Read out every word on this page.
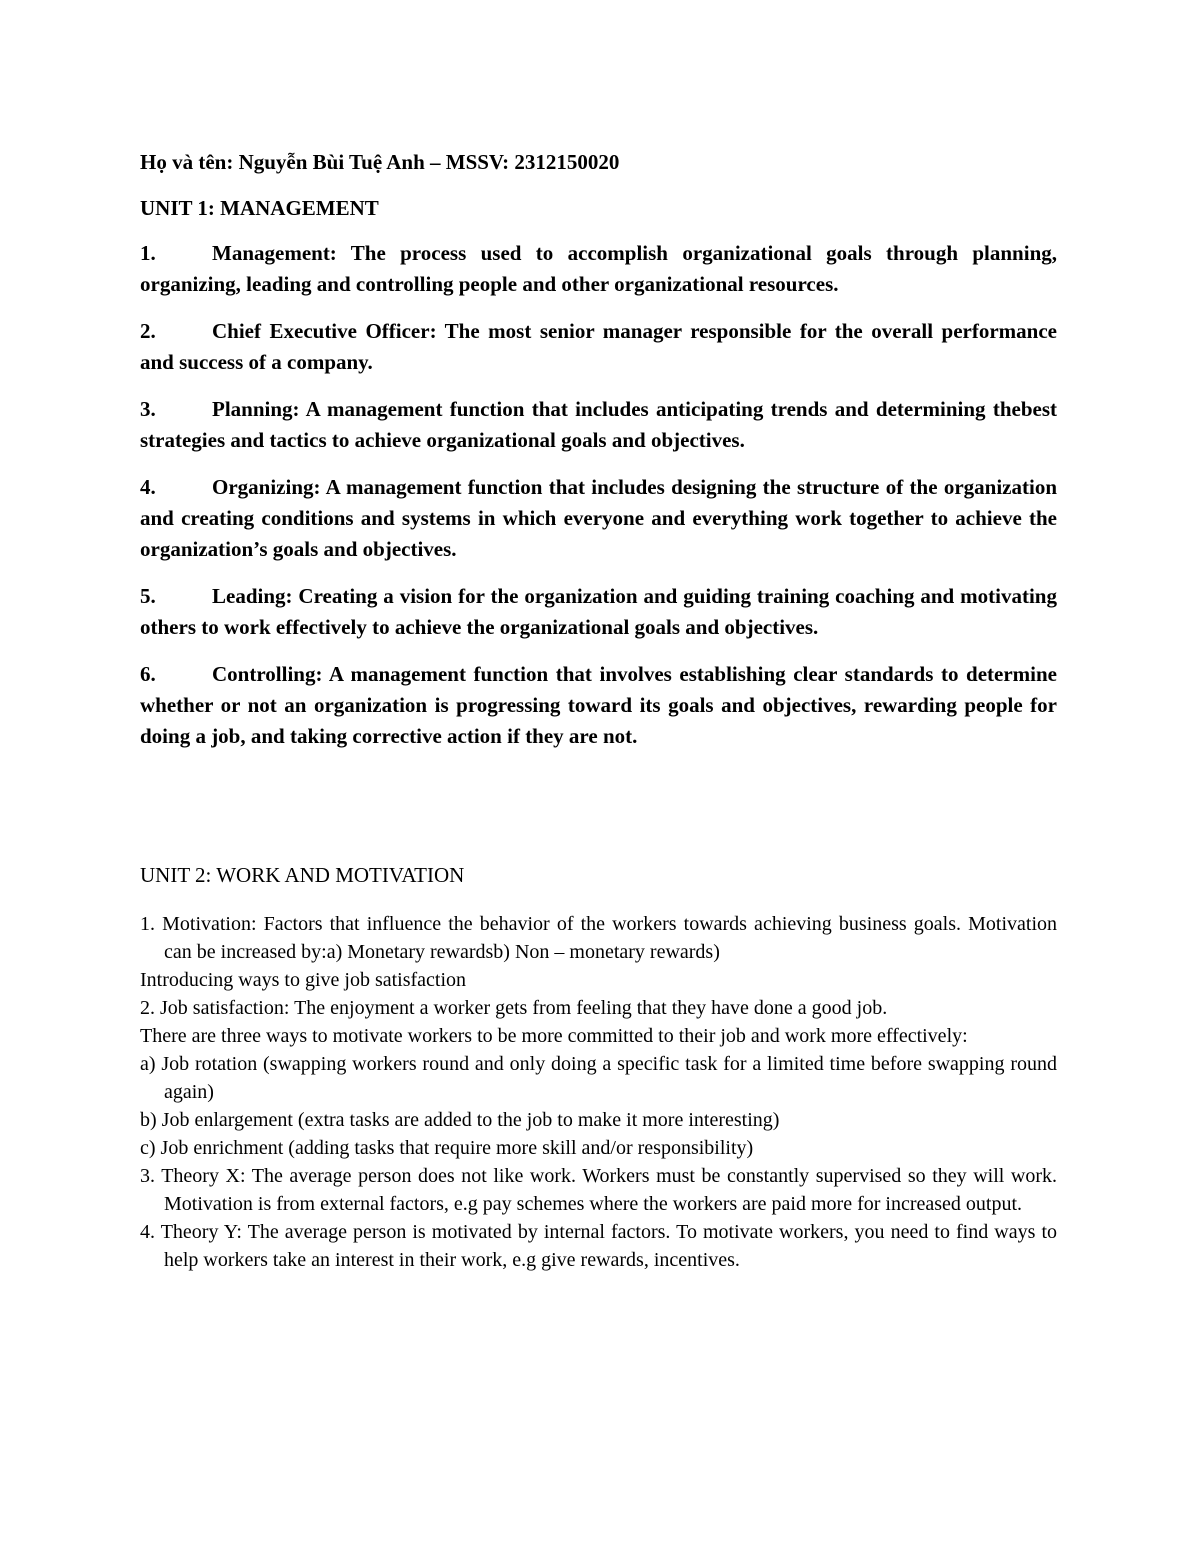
Họ và tên: Nguyễn Bùi Tuệ Anh – MSSV: 2312150020

UNIT 1: MANAGEMENT

1.	Management: The process used to accomplish organizational goals through planning, organizing, leading and controlling people and other organizational resources.

2.	Chief Executive Officer: The most senior manager responsible for the overall performance and success of a company.

3.	Planning: A management function that includes anticipating trends and determining thebest strategies and tactics to achieve organizational goals and objectives.

4.	Organizing: A management function that includes designing the structure of the organization and creating conditions and systems in which everyone and everything work together to achieve the organization’s goals and objectives.

5.	Leading: Creating a vision for the organization and guiding training coaching and motivating others to work effectively to achieve the organizational goals and objectives.

6.	Controlling: A management function that involves establishing clear standards to determine whether or not an organization is progressing toward its goals and objectives, rewarding people for doing a job, and taking corrective action if they are not.

UNIT 2: WORK AND MOTIVATION

1. Motivation: Factors that influence the behavior of the workers towards achieving business goals. Motivation can be increased by:a) Monetary rewardsb) Non – monetary rewards)

Introducing ways to give job satisfaction

2. Job satisfaction: The enjoyment a worker gets from feeling that they have done a good job.

There are three ways to motivate workers to be more committed to their job and work more effectively:

a) Job rotation (swapping workers round and only doing a specific task for a limited time before swapping round again)

b) Job enlargement (extra tasks are added to the job to make it more interesting)

c) Job enrichment (adding tasks that require more skill and/or responsibility)

3. Theory X: The average person does not like work. Workers must be constantly supervised so they will work. Motivation is from external factors, e.g pay schemes where the workers are paid more for increased output.

4. Theory Y: The average person is motivated by internal factors. To motivate workers, you need to find ways to help workers take an interest in their work, e.g give rewards, incentives.
